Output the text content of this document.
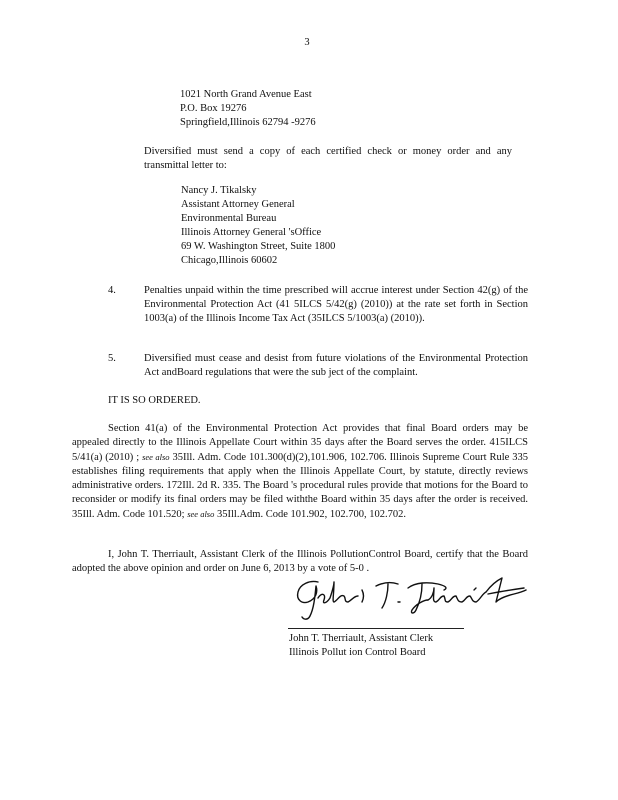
3
1021 North Grand Avenue East
P.O. Box 19276
Springfield,Illinois 62794 -9276

Diversified must send a copy of each certified check or money order and any transmittal letter to:

Nancy J. Tikalsky
Assistant Attorney General
Environmental Bureau
Illinois Attorney General 'sOffice
69 W. Washington Street, Suite 1800
Chicago,Illinois 60602
4.	Penalties unpaid within the time prescribed will accrue interest under Section 42(g) of the Environmental Protection Act (41 5ILCS 5/42(g) (2010)) at the rate set forth in Section 1003(a) of the Illinois Income Tax Act (35ILCS 5/1003(a) (2010)).
5.	Diversified must cease and desist from future violations of the Environmental Protection Act andBoard regulations that were the sub ject of the complaint.
IT IS SO ORDERED.

Section 41(a) of the Environmental Protection Act provides that final Board orders may be appealed directly to the Illinois Appellate Court within 35 days after the Board serves the order. 415ILCS 5/41(a) (2010) ; see also 35Ill. Adm. Code 101.300(d)(2),101.906, 102.706. Illinois Supreme Court Rule 335 establishes filing requirements that apply when the Illinois Appellate Court, by statute, directly reviews administrative orders. 172Ill. 2d R. 335. The Board 's procedural rules provide that motions for the Board to reconsider or modify its final orders may be filed withthe Board within 35 days after the order is received. 35Ill. Adm. Code 101.520; see also 35Ill.Adm. Code 101.902, 102.700, 102.702.

I, John T. Therriault, Assistant Clerk of the Illinois PollutionControl Board, certify that the Board adopted the above opinion and order on June 6, 2013 by a vote of 5-0 .

John T. Therriault, Assistant Clerk
Illinois Pollut ion Control Board
